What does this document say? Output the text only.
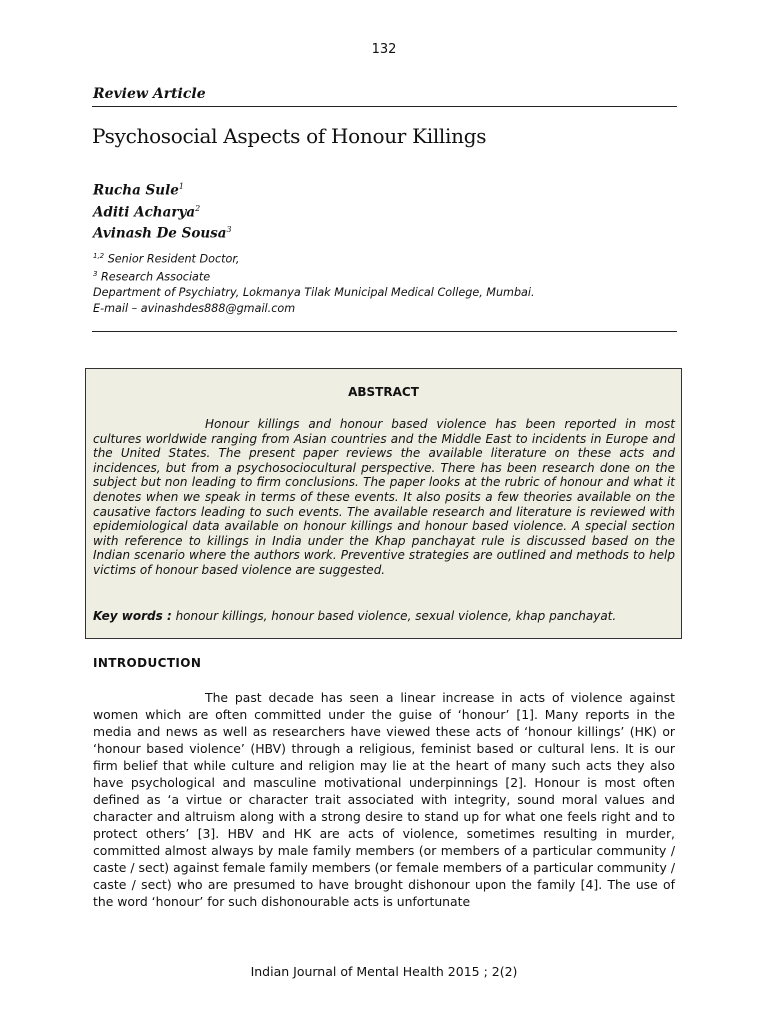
132
Review Article
Psychosocial Aspects of Honour Killings
Rucha Sule$^1$
Aditi Acharya$^2$
Avinash De Sousa$^3$
$^{1,2}$ Senior Resident Doctor,
$^3$ Research Associate
Department of Psychiatry, Lokmanya Tilak Municipal Medical College, Mumbai.
E-mail – avinashdes888@gmail.com
ABSTRACT
Honour killings and honour based violence has been reported in most cultures worldwide ranging from Asian countries and the Middle East to incidents in Europe and the United States. The present paper reviews the available literature on these acts and incidences, but from a psychosociocultural perspective. There has been research done on the subject but non leading to firm conclusions. The paper looks at the rubric of honour and what it denotes when we speak in terms of these events. It also posits a few theories available on the causative factors leading to such events. The available research and literature is reviewed with epidemiological data available on honour killings and honour based violence. A special section with reference to killings in India under the Khap panchayat rule is discussed based on the Indian scenario where the authors work. Preventive strategies are outlined and methods to help victims of honour based violence are suggested.
Key words : honour killings, honour based violence, sexual violence, khap panchayat.
INTRODUCTION

The past decade has seen a linear increase in acts of violence against women which are often committed under the guise of ‘honour’ [1]. Many reports in the media and news as well as researchers have viewed these acts of ‘honour killings’ (HK) or ‘honour based violence’ (HBV) through a religious, feminist based or cultural lens. It is our firm belief that while culture and religion may lie at the heart of many such acts they also have psychological and masculine motivational underpinnings [2]. Honour is most often defined as ‘a virtue or character trait associated with integrity, sound moral values and character and altruism along with a strong desire to stand up for what one feels right and to protect others’ [3]. HBV and HK are acts of violence, sometimes resulting in murder, committed almost always by male family members (or members of a particular community / caste / sect) against female family members (or female members of a particular community / caste / sect) who are presumed to have brought dishonour upon the family [4]. The use of the word ‘honour’ for such dishonourable acts is unfortunate

Indian Journal of Mental Health 2015 ; 2(2)
